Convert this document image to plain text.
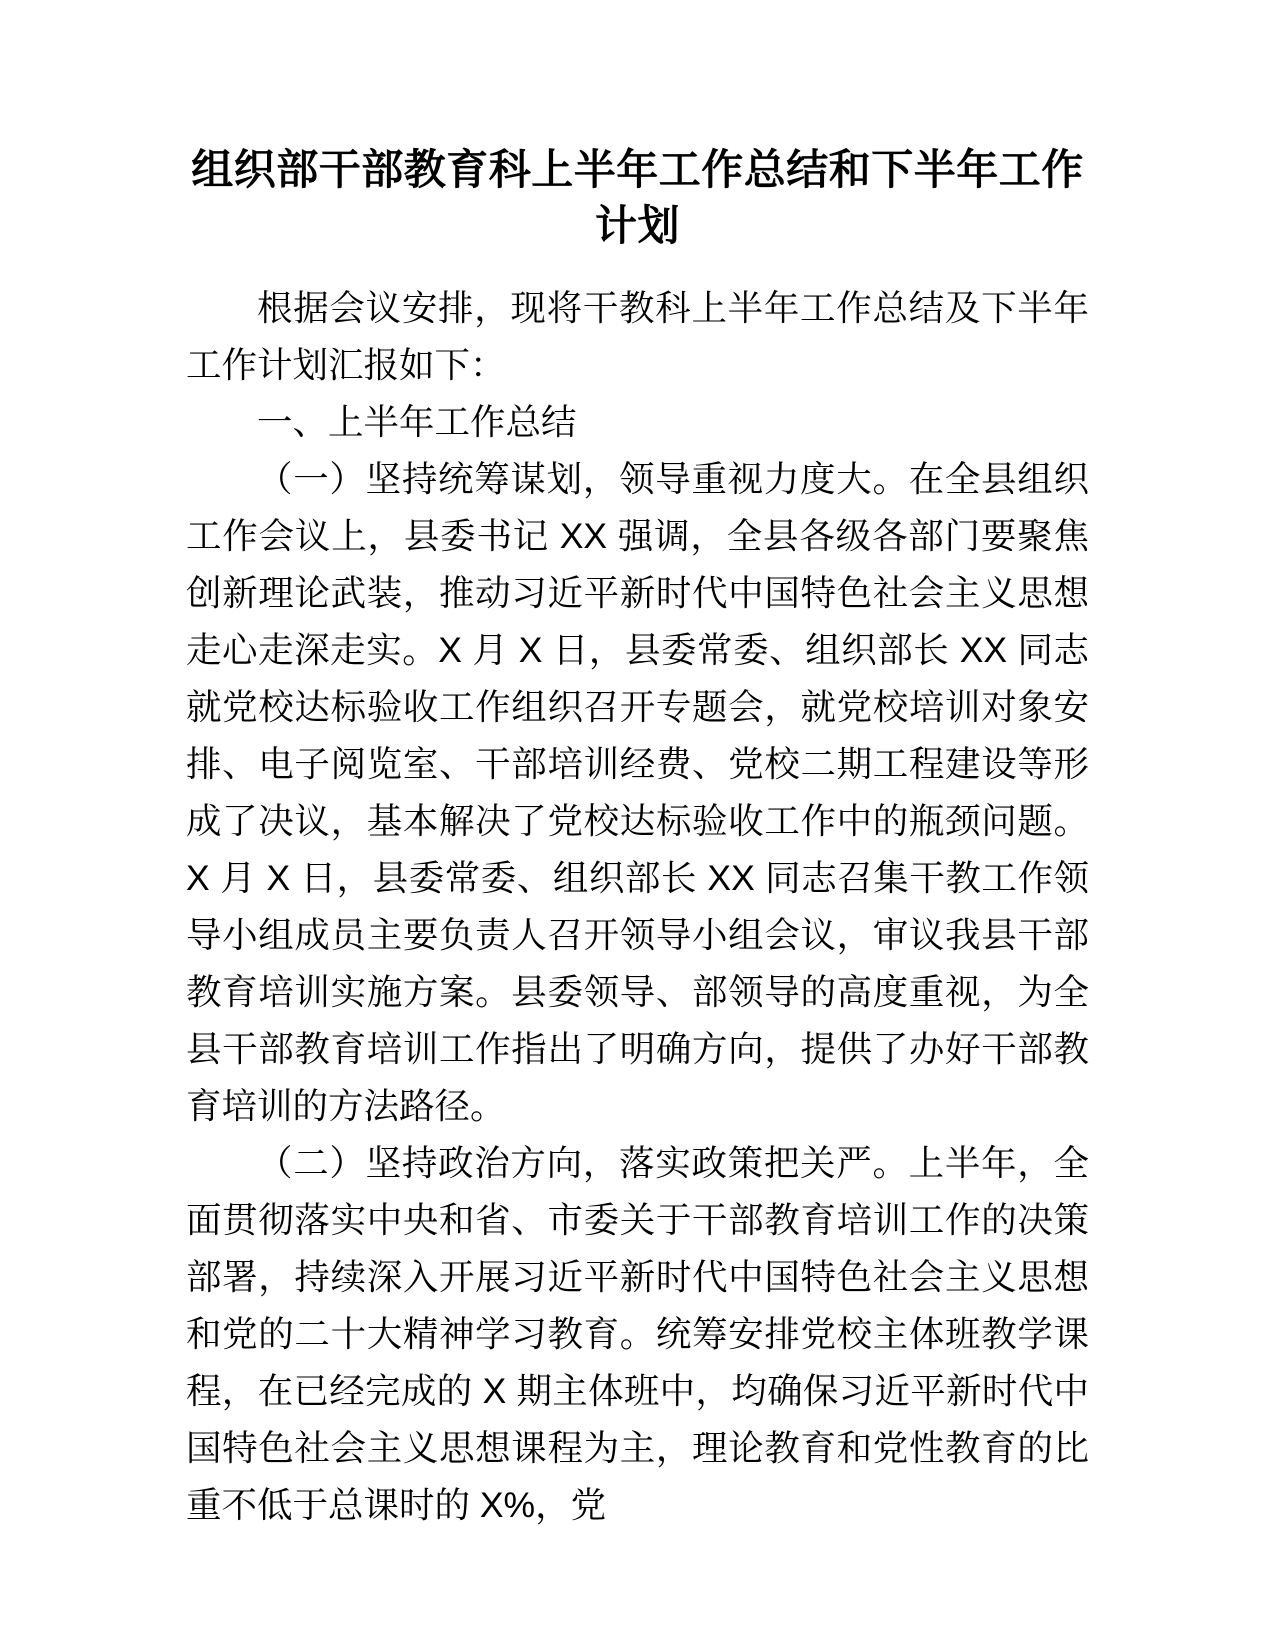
组织部干部教育科上半年工作总结和下半年工作计划

根据会议安排，现将干教科上半年工作总结及下半年工作计划汇报如下：

一、上半年工作总结

（一）坚持统筹谋划，领导重视力度大。在全县组织工作会议上，县委书记 XX 强调，全县各级各部门要聚焦创新理论武装，推动习近平新时代中国特色社会主义思想走心走深走实。X 月 X 日，县委常委、组织部长 XX 同志就党校达标验收工作组织召开专题会，就党校培训对象安排、电子阅览室、干部培训经费、党校二期工程建设等形成了决议，基本解决了党校达标验收工作中的瓶颈问题。X 月 X 日，县委常委、组织部长 XX 同志召集干教工作领导小组成员主要负责人召开领导小组会议，审议我县干部教育培训实施方案。县委领导、部领导的高度重视，为全县干部教育培训工作指出了明确方向，提供了办好干部教育培训的方法路径。

（二）坚持政治方向，落实政策把关严。上半年，全面贯彻落实中央和省、市委关于干部教育培训工作的决策部署，持续深入开展习近平新时代中国特色社会主义思想和党的二十大精神学习教育。统筹安排党校主体班教学课程，在已经完成的 X 期主体班中，均确保习近平新时代中国特色社会主义思想课程为主，理论教育和党性教育的比重不低于总课时的 X%，党
